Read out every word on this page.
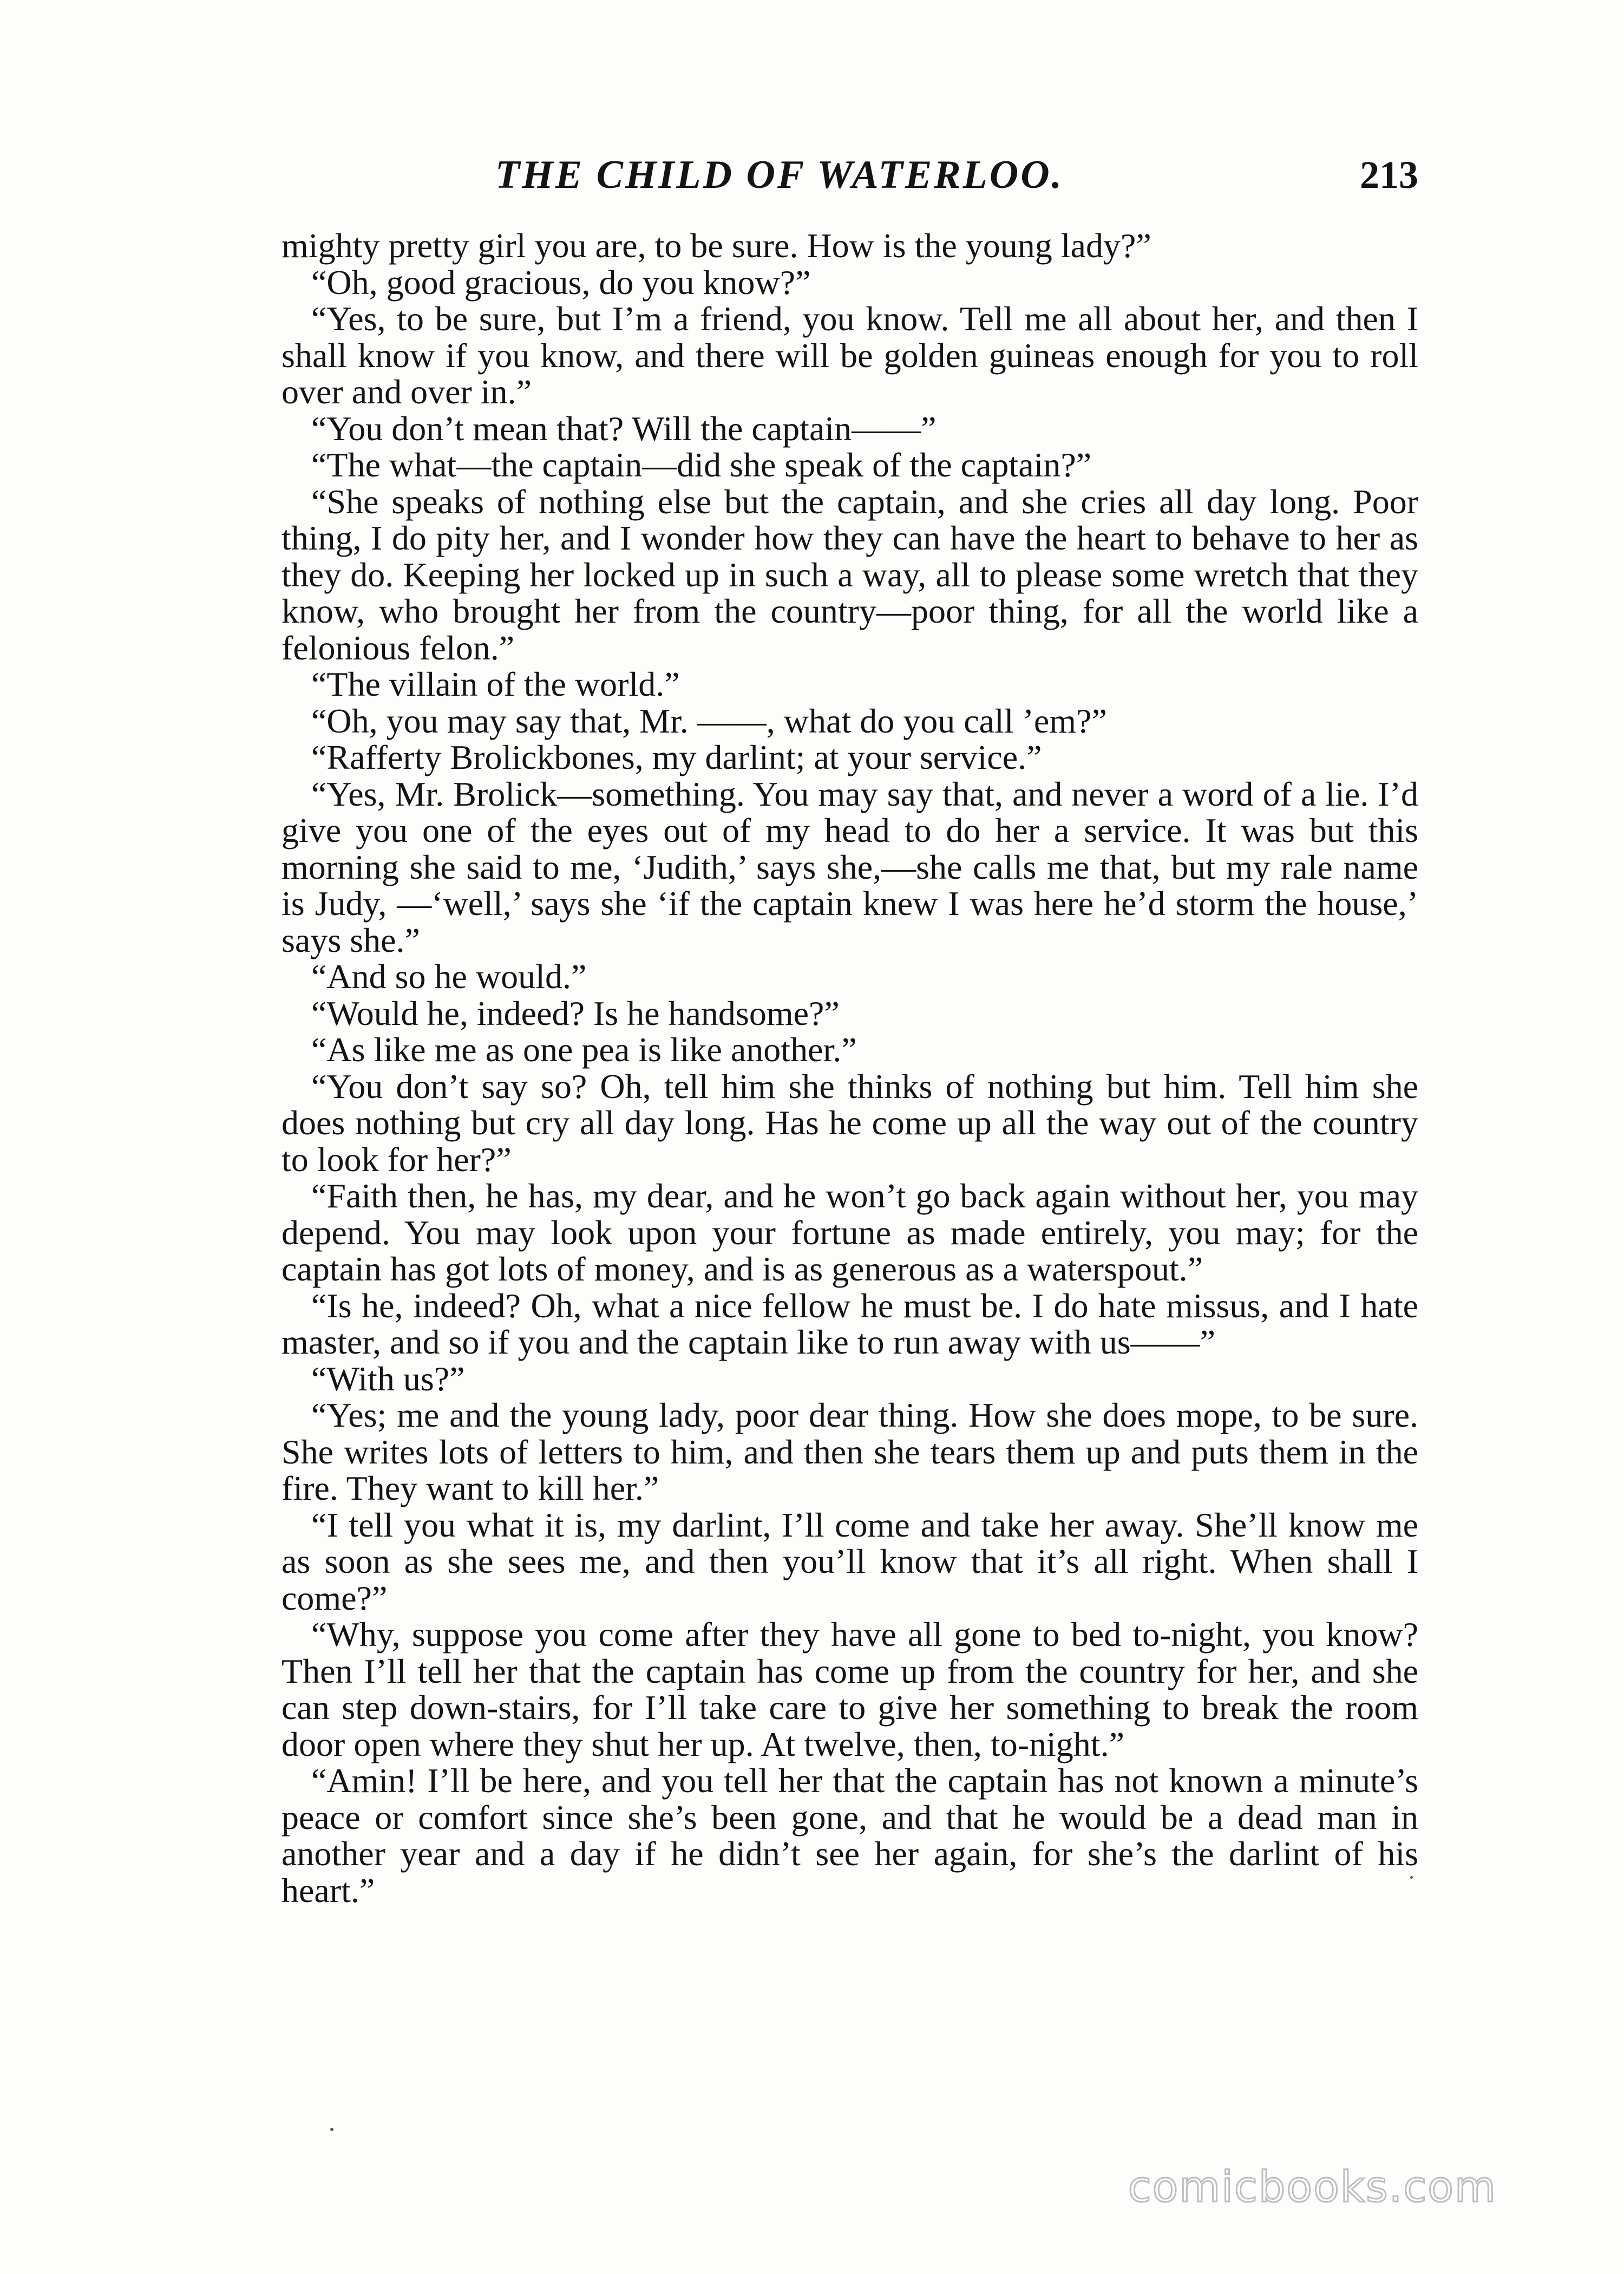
THE CHILD OF WATERLOO.	213

mighty pretty girl you are, to be sure. How is the young lady?”

“Oh, good gracious, do you know?”

“Yes, to be sure, but I’m a friend, you know. Tell me all about her, and then I shall know if you know, and there will be golden guineas enough for you to roll over and over in.”

“You don’t mean that? Will the captain——”

“The what—the captain—did she speak of the captain?”

“She speaks of nothing else but the captain, and she cries all day long. Poor thing, I do pity her, and I wonder how they can have the heart to behave to her as they do. Keeping her locked up in such a way, all to please some wretch that they know, who brought her from the country—poor thing, for all the world like a felonious felon.”

“The villain of the world.”

“Oh, you may say that, Mr. ——, what do you call ’em?”

“Rafferty Brolickbones, my darlint; at your service.”

“Yes, Mr. Brolick—something. You may say that, and never a word of a lie. I’d give you one of the eyes out of my head to do her a service. It was but this morning she said to me, ‘Judith,’ says she,—she calls me that, but my rale name is Judy, —‘well,’ says she ‘if the captain knew I was here he’d storm the house,’ says she.”

“And so he would.”

“Would he, indeed? Is he handsome?”

“As like me as one pea is like another.”

“You don’t say so? Oh, tell him she thinks of nothing but him. Tell him she does nothing but cry all day long. Has he come up all the way out of the country to look for her?”

“Faith then, he has, my dear, and he won’t go back again without her, you may depend. You may look upon your fortune as made entirely, you may; for the captain has got lots of money, and is as generous as a waterspout.”

“Is he, indeed? Oh, what a nice fellow he must be. I do hate missus, and I hate master, and so if you and the captain like to run away with us——”

“With us?”

“Yes; me and the young lady, poor dear thing. How she does mope, to be sure. She writes lots of letters to him, and then she tears them up and puts them in the fire. They want to kill her.”

“I tell you what it is, my darlint, I’ll come and take her away. She’ll know me as soon as she sees me, and then you’ll know that it’s all right. When shall I come?”

“Why, suppose you come after they have all gone to bed to-night, you know? Then I’ll tell her that the captain has come up from the country for her, and she can step down-stairs, for I’ll take care to give her something to break the room door open where they shut her up. At twelve, then, to-night.”

“Amin! I’ll be here, and you tell her that the captain has not known a minute’s peace or comfort since she’s been gone, and that he would be a dead man in another year and a day if he didn’t see her again, for she’s the darlint of his heart.”

comicbooks.com
